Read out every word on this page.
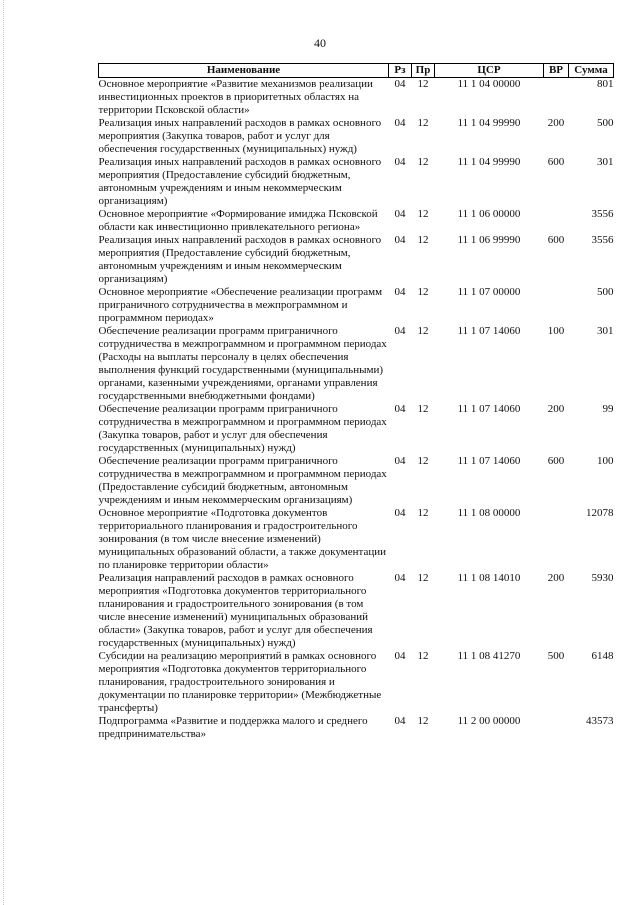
40
Наименование	Рз	Пр	ЦСР	ВР	Сумма
Основное мероприятие «Развитие механизмов реализации инвестиционных проектов в приоритетных областях на территории Псковской области»	04	12	11 1 04 00000		801
Реализация иных направлений расходов в рамках основного мероприятия (Закупка товаров, работ и услуг для обеспечения государственных (муниципальных) нужд)	04	12	11 1 04 99990	200	500
Реализация иных направлений расходов в рамках основного мероприятия (Предоставление субсидий бюджетным, автономным учреждениям и иным некоммерческим организациям)	04	12	11 1 04 99990	600	301
Основное мероприятие «Формирование имиджа Псковской области как инвестиционно привлекательного региона»	04	12	11 1 06 00000		3556
Реализация иных направлений расходов в рамках основного мероприятия (Предоставление субсидий бюджетным, автономным учреждениям и иным некоммерческим организациям)	04	12	11 1 06 99990	600	3556
Основное мероприятие «Обеспечение реализации программ приграничного сотрудничества в межпрограммном и программном периодах»	04	12	11 1 07 00000		500
Обеспечение реализации программ приграничного сотрудничества в межпрограммном и программном периодах (Расходы на выплаты персоналу в целях обеспечения выполнения функций государственными (муниципальными) органами, казенными учреждениями, органами управления государственными внебюджетными фондами)	04	12	11 1 07 14060	100	301
Обеспечение реализации программ приграничного сотрудничества в межпрограммном и программном периодах (Закупка товаров, работ и услуг для обеспечения государственных (муниципальных) нужд)	04	12	11 1 07 14060	200	99
Обеспечение реализации программ приграничного сотрудничества в межпрограммном и программном периодах (Предоставление субсидий бюджетным, автономным учреждениям и иным некоммерческим организациям)	04	12	11 1 07 14060	600	100
Основное мероприятие «Подготовка документов территориального планирования и градостроительного зонирования (в том числе внесение изменений) муниципальных образований области, а также документации по планировке территории области»	04	12	11 1 08 00000		12078
Реализация направлений расходов в рамках основного мероприятия «Подготовка документов территориального планирования и градостроительного зонирования (в том числе внесение изменений) муниципальных образований области» (Закупка товаров, работ и услуг для обеспечения государственных (муниципальных) нужд)	04	12	11 1 08 14010	200	5930
Субсидии на реализацию мероприятий в рамках основного мероприятия «Подготовка документов территориального планирования, градостроительного зонирования и документации по планировке территории» (Межбюджетные трансферты)	04	12	11 1 08 41270	500	6148
Подпрограмма «Развитие и поддержка малого и среднего предпринимательства»	04	12	11 2 00 00000		43573
